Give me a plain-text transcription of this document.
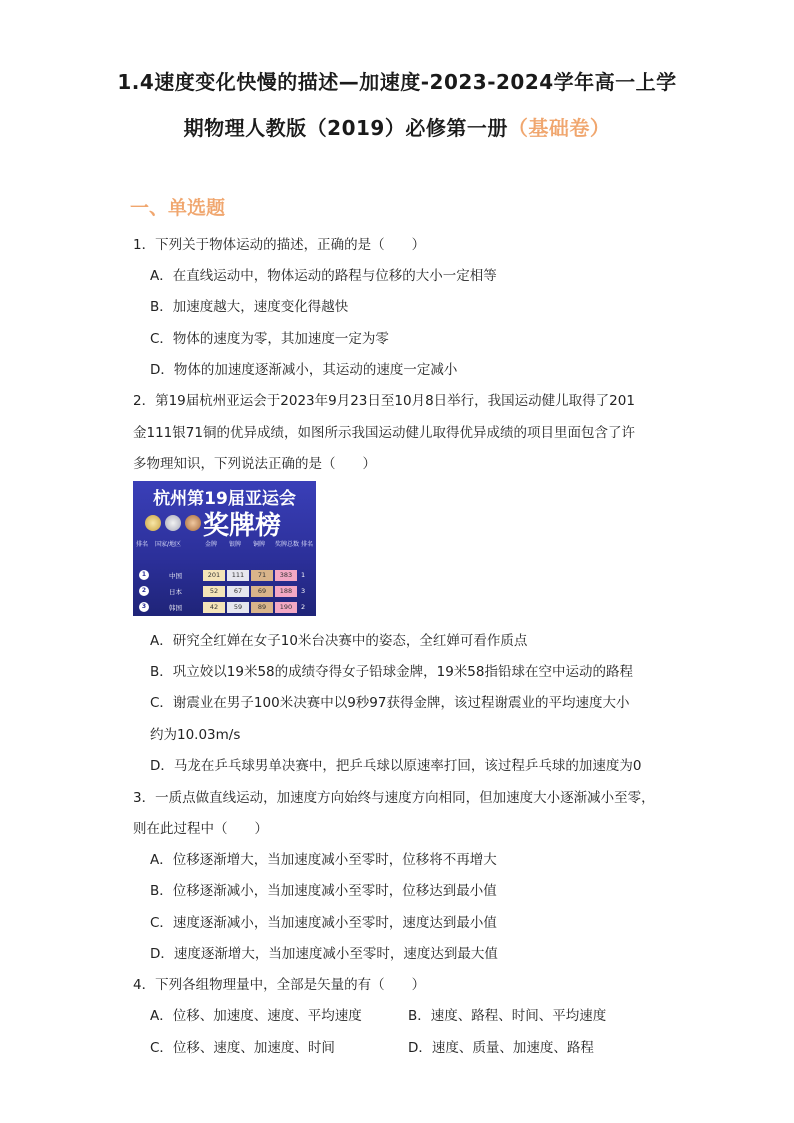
1.4速度变化快慢的描述—加速度-2023-2024学年高一上学
期物理人教版（2019）必修第一册（基础卷）
一、单选题
1．下列关于物体运动的描述，正确的是（　　）
A．在直线运动中，物体运动的路程与位移的大小一定相等
B．加速度越大，速度变化得越快
C．物体的速度为零，其加速度一定为零
D．物体的加速度逐渐减小，其运动的速度一定减小
2．第19届杭州亚运会于2023年9月23日至10月8日举行，我国运动健儿取得了201
金111银71铜的优异成绩，如图所示我国运动健儿取得优异成绩的项目里面包含了许
多物理知识，下列说法正确的是（　　）
杭州第19届亚运会
奖牌榜
排名 国家/地区	金牌 银牌 铜牌 奖牌总数 排名
1	中国	201	111	71	383	1
2	日本	52	67	69	188	3
3	韩国	42	59	89	190	2
A．研究全红婵在女子10米台决赛中的姿态，全红婵可看作质点
B．巩立姣以19米58的成绩夺得女子铅球金牌，19米58指铅球在空中运动的路程
C．谢震业在男子100米决赛中以9秒97获得金牌，该过程谢震业的平均速度大小
约为10.03m/s
D．马龙在乒乓球男单决赛中，把乒乓球以原速率打回，该过程乒乓球的加速度为0
3．一质点做直线运动，加速度方向始终与速度方向相同，但加速度大小逐渐减小至零，
则在此过程中（　　）
A．位移逐渐增大，当加速度减小至零时，位移将不再增大
B．位移逐渐减小，当加速度减小至零时，位移达到最小值
C．速度逐渐减小，当加速度减小至零时，速度达到最小值
D．速度逐渐增大，当加速度减小至零时，速度达到最大值
4．下列各组物理量中，全部是矢量的有（　　）
A．位移、加速度、速度、平均速度	B．速度、路程、时间、平均速度
C．位移、速度、加速度、时间	D．速度、质量、加速度、路程
